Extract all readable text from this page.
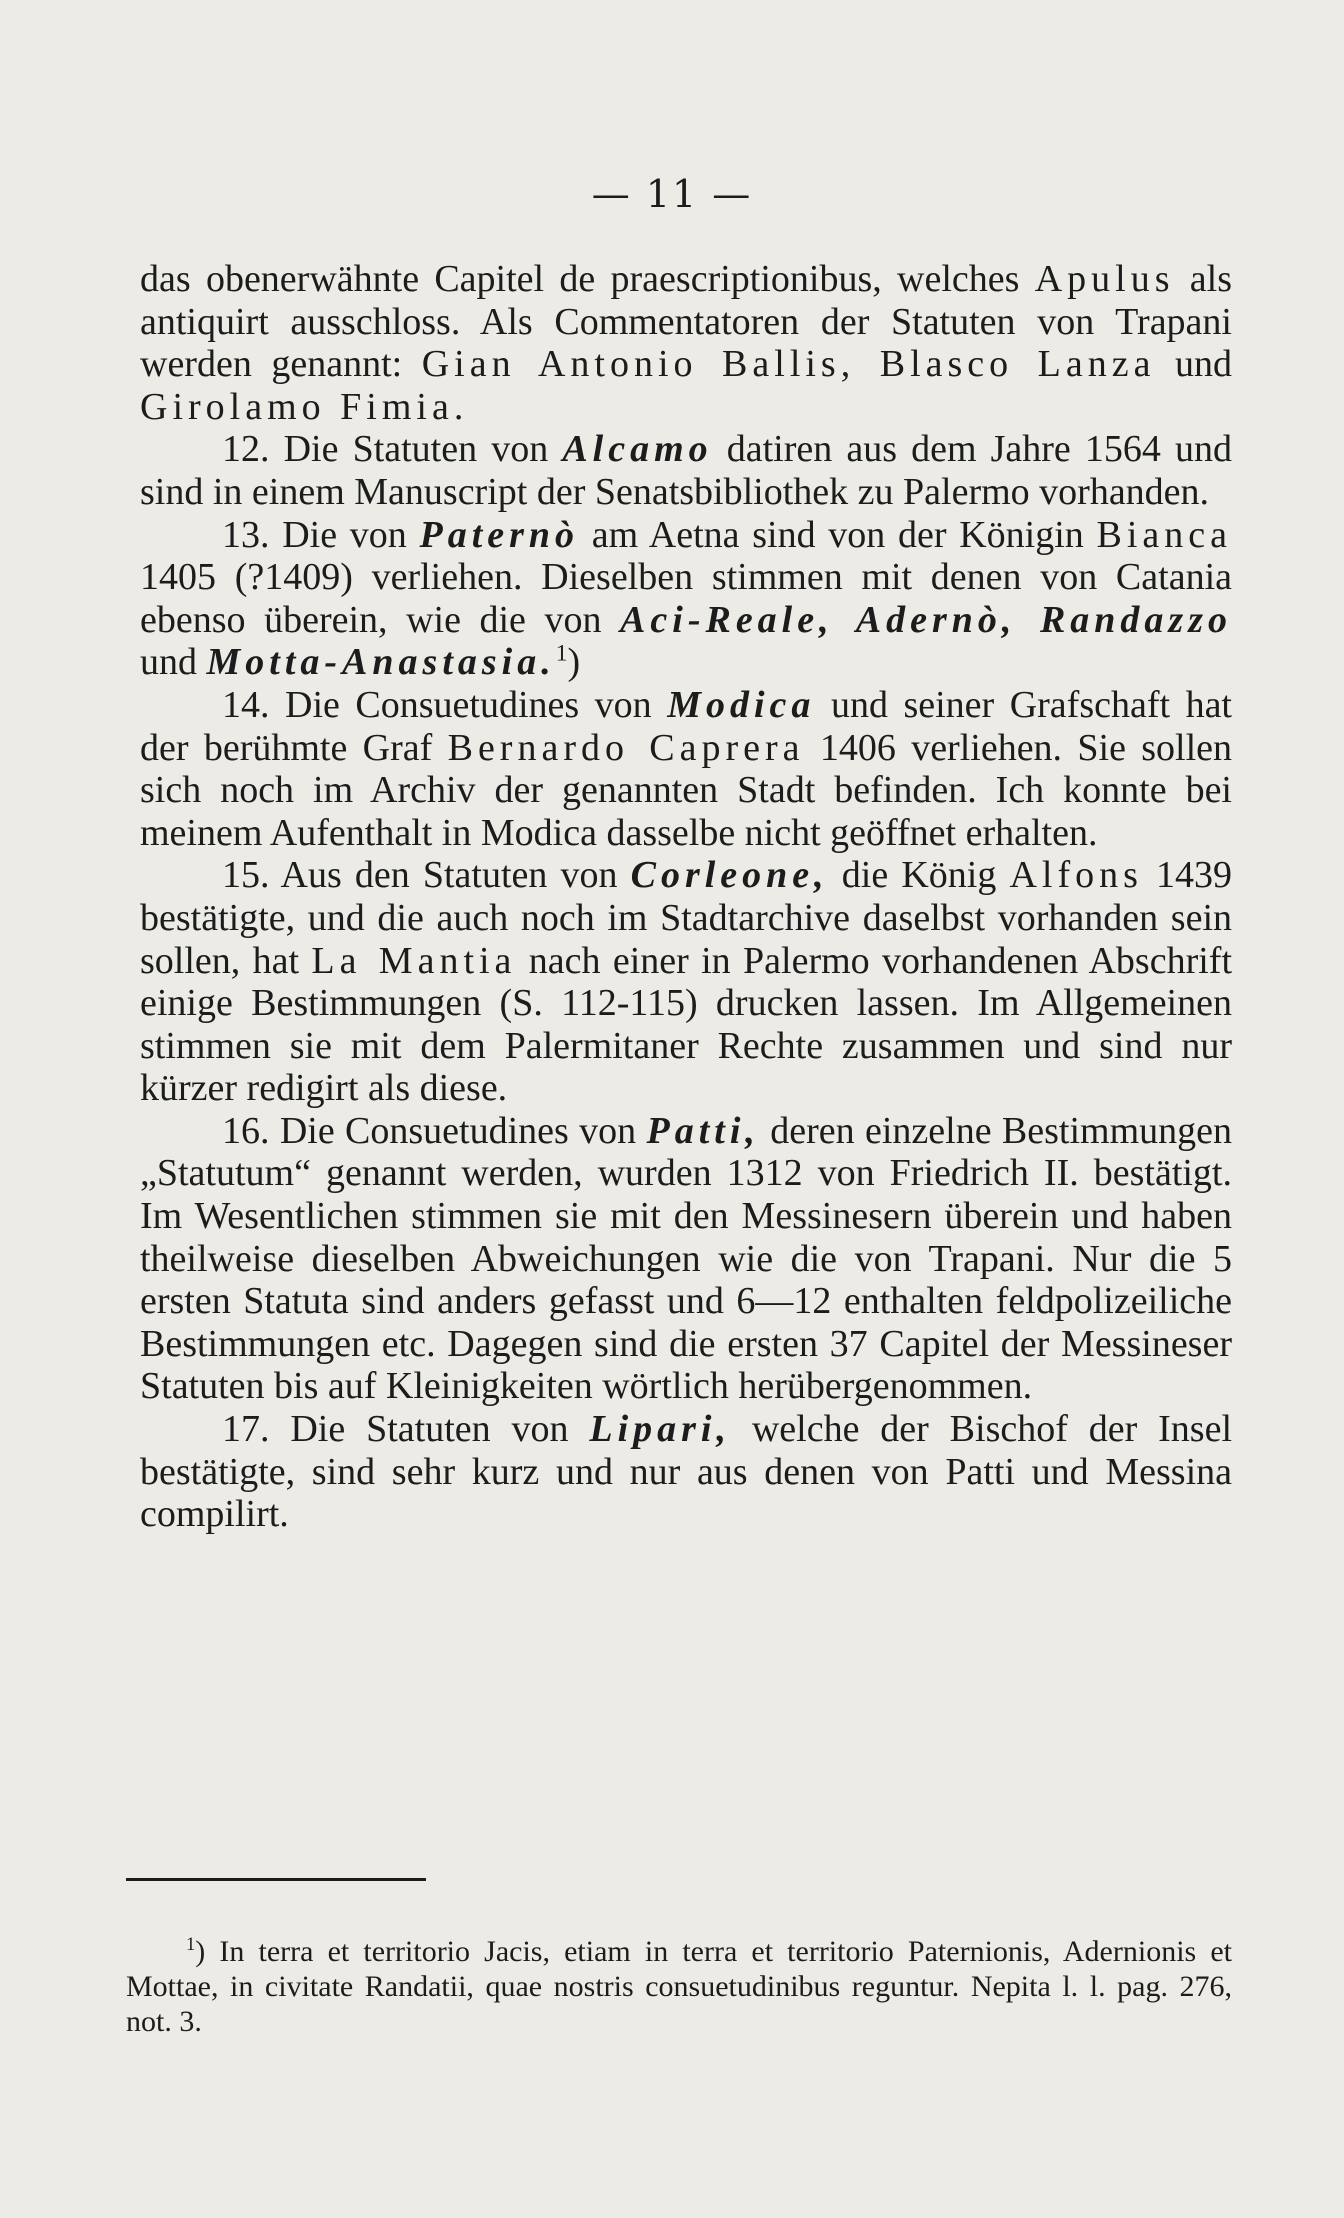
— 11 —

das obenerwähnte Capitel de praescriptionibus, welches Apulus als antiquirt ausschloss. Als Commentatoren der Statuten von Trapani werden genannt: Gian Antonio Ballis, Blasco Lanza und Girolamo Fimia.

12. Die Statuten von Alcamo datiren aus dem Jahre 1564 und sind in einem Manuscript der Senatsbibliothek zu Palermo vorhanden.

13. Die von Paternò am Aetna sind von der Königin Bianca 1405 (?1409) verliehen. Dieselben stimmen mit denen von Catania ebenso überein, wie die von Aci-Reale, Adernò, Randazzo und Motta-Anastasia.$^1$)

14. Die Consuetudines von Modica und seiner Grafschaft hat der berühmte Graf Bernardo Caprera 1406 verliehen. Sie sollen sich noch im Archiv der genannten Stadt befinden. Ich konnte bei meinem Aufenthalt in Modica dasselbe nicht geöffnet erhalten.

15. Aus den Statuten von Corleone, die König Alfons 1439 bestätigte, und die auch noch im Stadtarchive daselbst vorhanden sein sollen, hat La Mantia nach einer in Palermo vorhandenen Abschrift einige Bestimmungen (S. 112-115) drucken lassen. Im Allgemeinen stimmen sie mit dem Palermitaner Rechte zusammen und sind nur kürzer redigirt als diese.

16. Die Consuetudines von Patti, deren einzelne Bestimmungen „Statutum“ genannt werden, wurden 1312 von Friedrich II. bestätigt. Im Wesentlichen stimmen sie mit den Messinesern überein und haben theilweise dieselben Abweichungen wie die von Trapani. Nur die 5 ersten Statuta sind anders gefasst und 6—12 enthalten feldpolizeiliche Bestimmungen etc. Dagegen sind die ersten 37 Capitel der Messineser Statuten bis auf Kleinigkeiten wörtlich herübergenommen.

17. Die Statuten von Lipari, welche der Bischof der Insel bestätigte, sind sehr kurz und nur aus denen von Patti und Messina compilirt.

$^1$) In terra et territorio Jacis, etiam in terra et territorio Paternionis, Adernionis et Mottae, in civitate Randatii, quae nostris consuetudinibus reguntur. Nepita l. l. pag. 276, not. 3.
